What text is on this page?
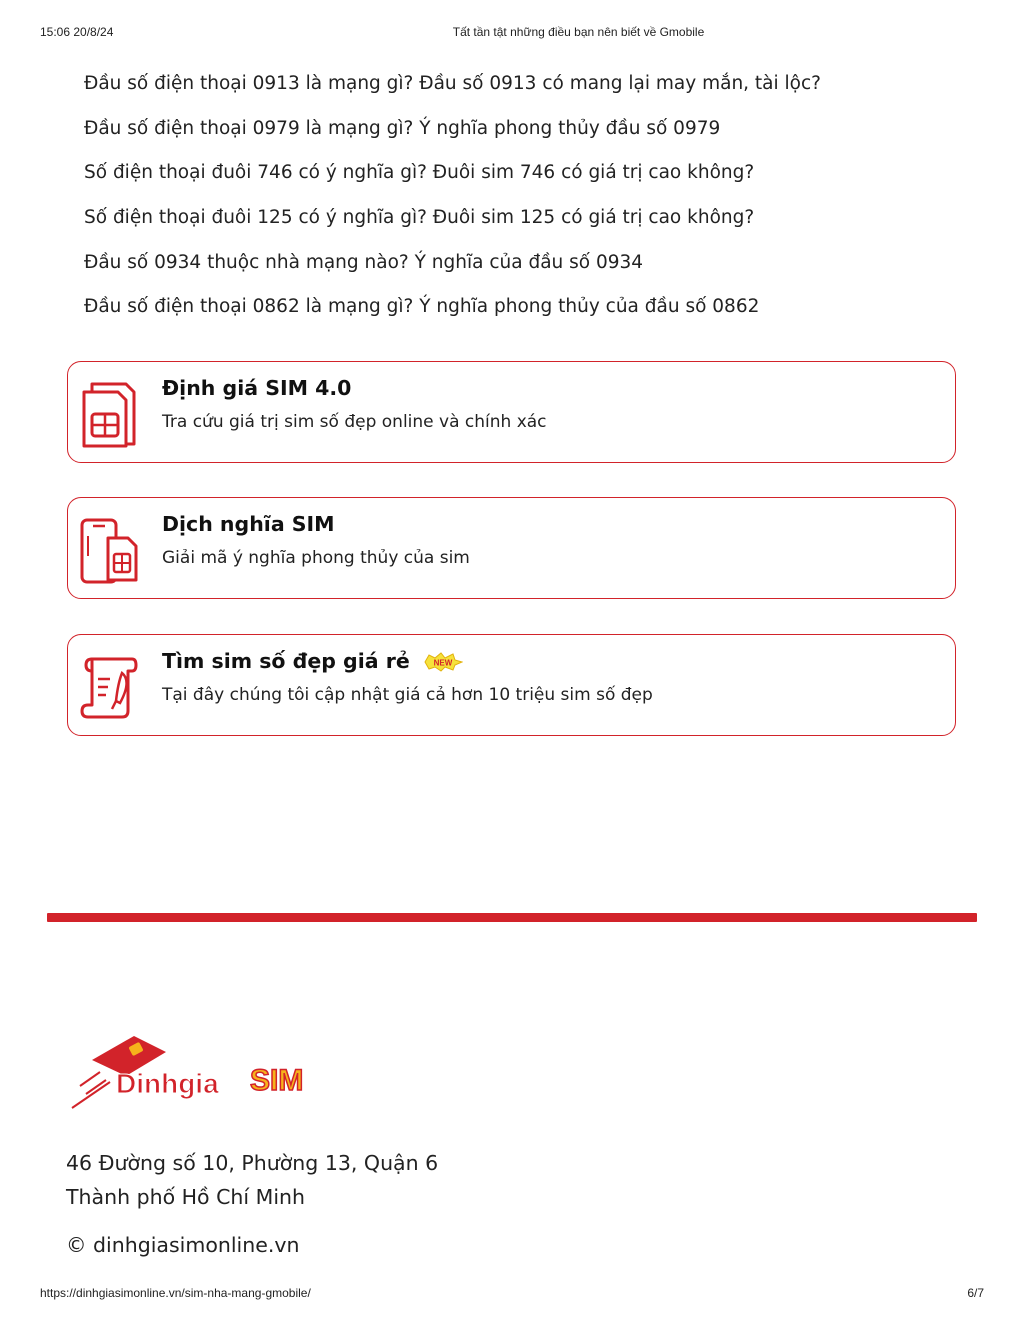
15:06 20/8/24	Tất tần tật những điều bạn nên biết về Gmobile
Đầu số điện thoại 0913 là mạng gì? Đầu số 0913 có mang lại may mắn, tài lộc?
Đầu số điện thoại 0979 là mạng gì? Ý nghĩa phong thủy đầu số 0979
Số điện thoại đuôi 746 có ý nghĩa gì? Đuôi sim 746 có giá trị cao không?
Số điện thoại đuôi 125 có ý nghĩa gì? Đuôi sim 125 có giá trị cao không?
Đầu số 0934 thuộc nhà mạng nào? Ý nghĩa của đầu số 0934
Đầu số điện thoại 0862 là mạng gì? Ý nghĩa phong thủy của đầu số 0862
Định giá SIM 4.0
Tra cứu giá trị sim số đẹp online và chính xác
Dịch nghĩa SIM
Giải mã ý nghĩa phong thủy của sim
Tìm sim số đẹp giá rẻ	NEW
Tại đây chúng tôi cập nhật giá cả hơn 10 triệu sim số đẹp
Dinhgia SIM
46 Đường số 10, Phường 13, Quận 6
Thành phố Hồ Chí Minh
© dinhgiasimonline.vn
https://dinhgiasimonline.vn/sim-nha-mang-gmobile/	6/7
